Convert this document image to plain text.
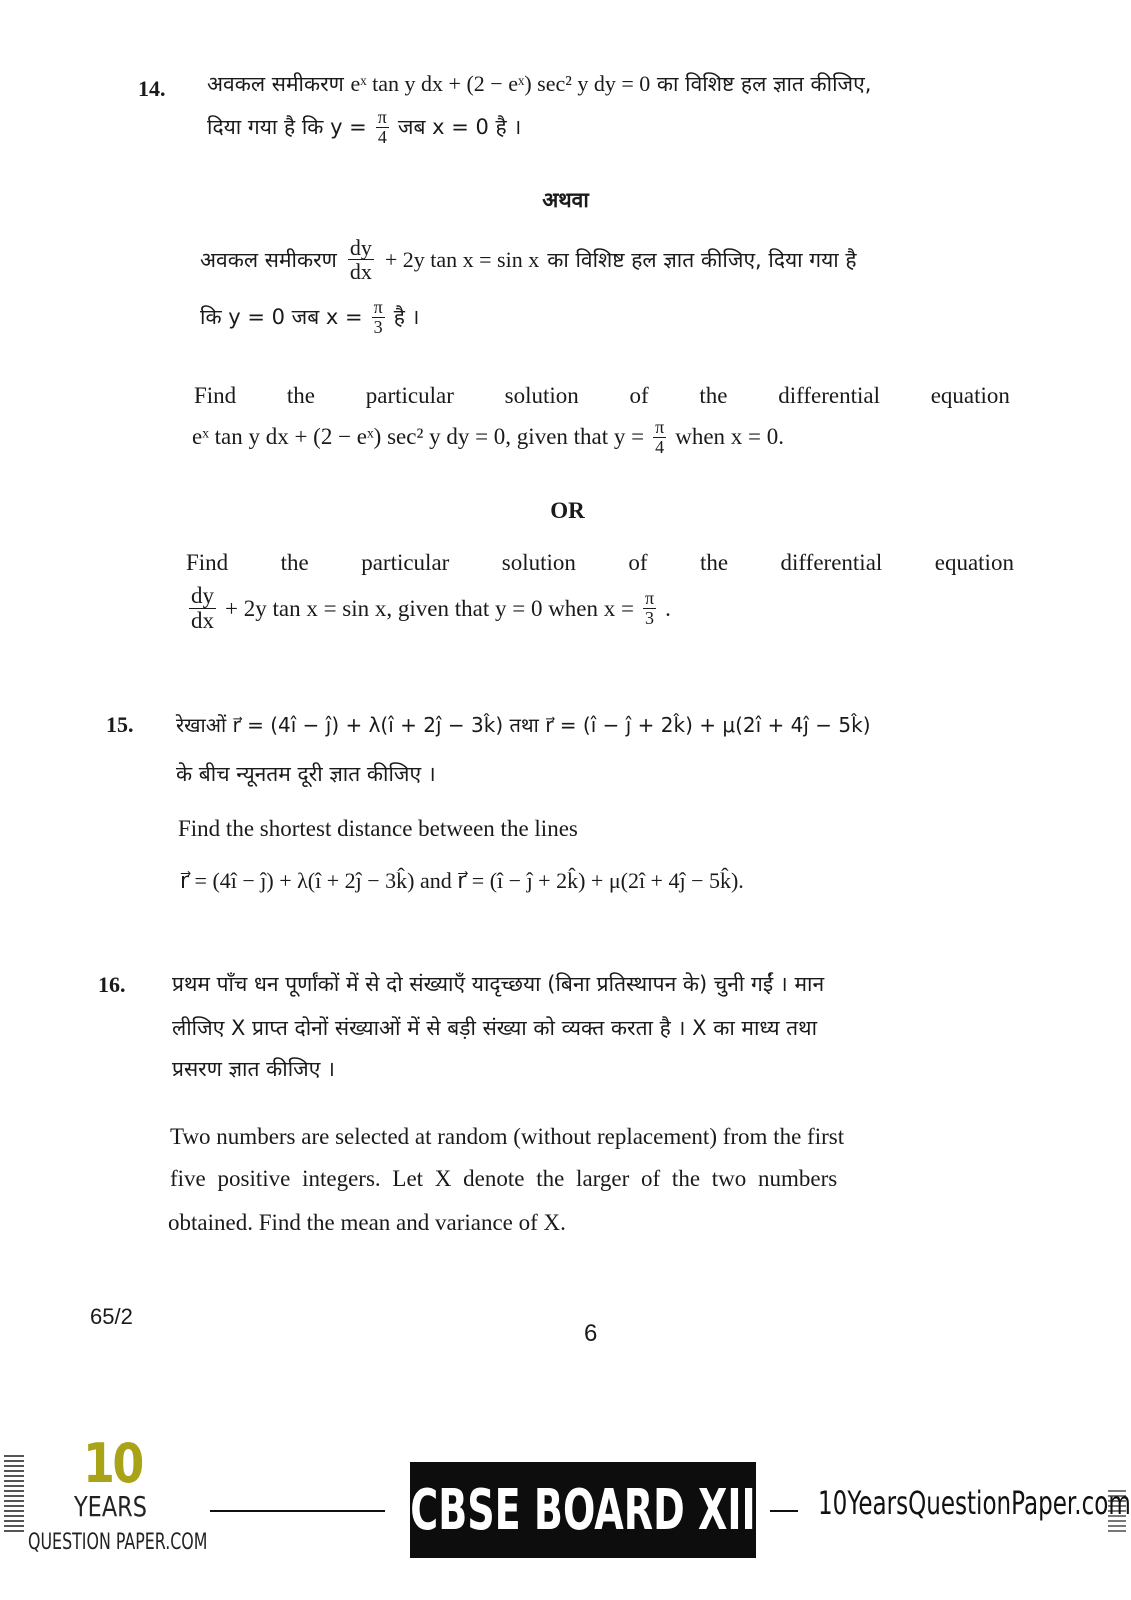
14. अवकल समीकरण eˣ tan y dx + (2 − eˣ) sec² y dy = 0 का विशिष्ट हल ज्ञात कीजिए,
दिया गया है कि $y = \frac{\pi}{4}$ जब x = 0 है ।
अथवा
अवकल समीकरण $\frac{dy}{dx} + 2y$ tan x = sin x का विशिष्ट हल ज्ञात कीजिए, दिया गया है
कि y = 0 जब $x = \frac{\pi}{3}$ है ।
Find the particular solution of the differential equation
eˣ tan y dx + (2 − eˣ) sec² y dy = 0, given that $y = \frac{\pi}{4}$ when x = 0.
OR
Find the particular solution of the differential equation
$\frac{dy}{dx} + 2y$ tan x = sin x, given that y = 0 when $x = \frac{\pi}{3}$ .
15. रेखाओं r⃗ = (4î − ĵ) + λ(î + 2ĵ − 3k̂) तथा r⃗ = (î − ĵ + 2k̂) + μ(2î + 4ĵ − 5k̂)
के बीच न्यूनतम दूरी ज्ञात कीजिए ।
Find the shortest distance between the lines
r⃗ = (4î − ĵ) + λ(î + 2ĵ − 3k̂) and r⃗ = (î − ĵ + 2k̂) + μ(2î + 4ĵ − 5k̂).
16. प्रथम पाँच धन पूर्णांकों में से दो संख्याएँ यादृच्छया (बिना प्रतिस्थापन के) चुनी गईं । मान
लीजिए X प्राप्त दोनों संख्याओं में से बड़ी संख्या को व्यक्त करता है । X का माध्य तथा
प्रसरण ज्ञात कीजिए ।
Two numbers are selected at random (without replacement) from the first
five positive integers. Let X denote the larger of the two numbers
obtained. Find the mean and variance of X.
65/2
6
10
YEARS
QUESTION PAPER.COM	CBSE BOARD XII 10YearsQuestionPaper.com
